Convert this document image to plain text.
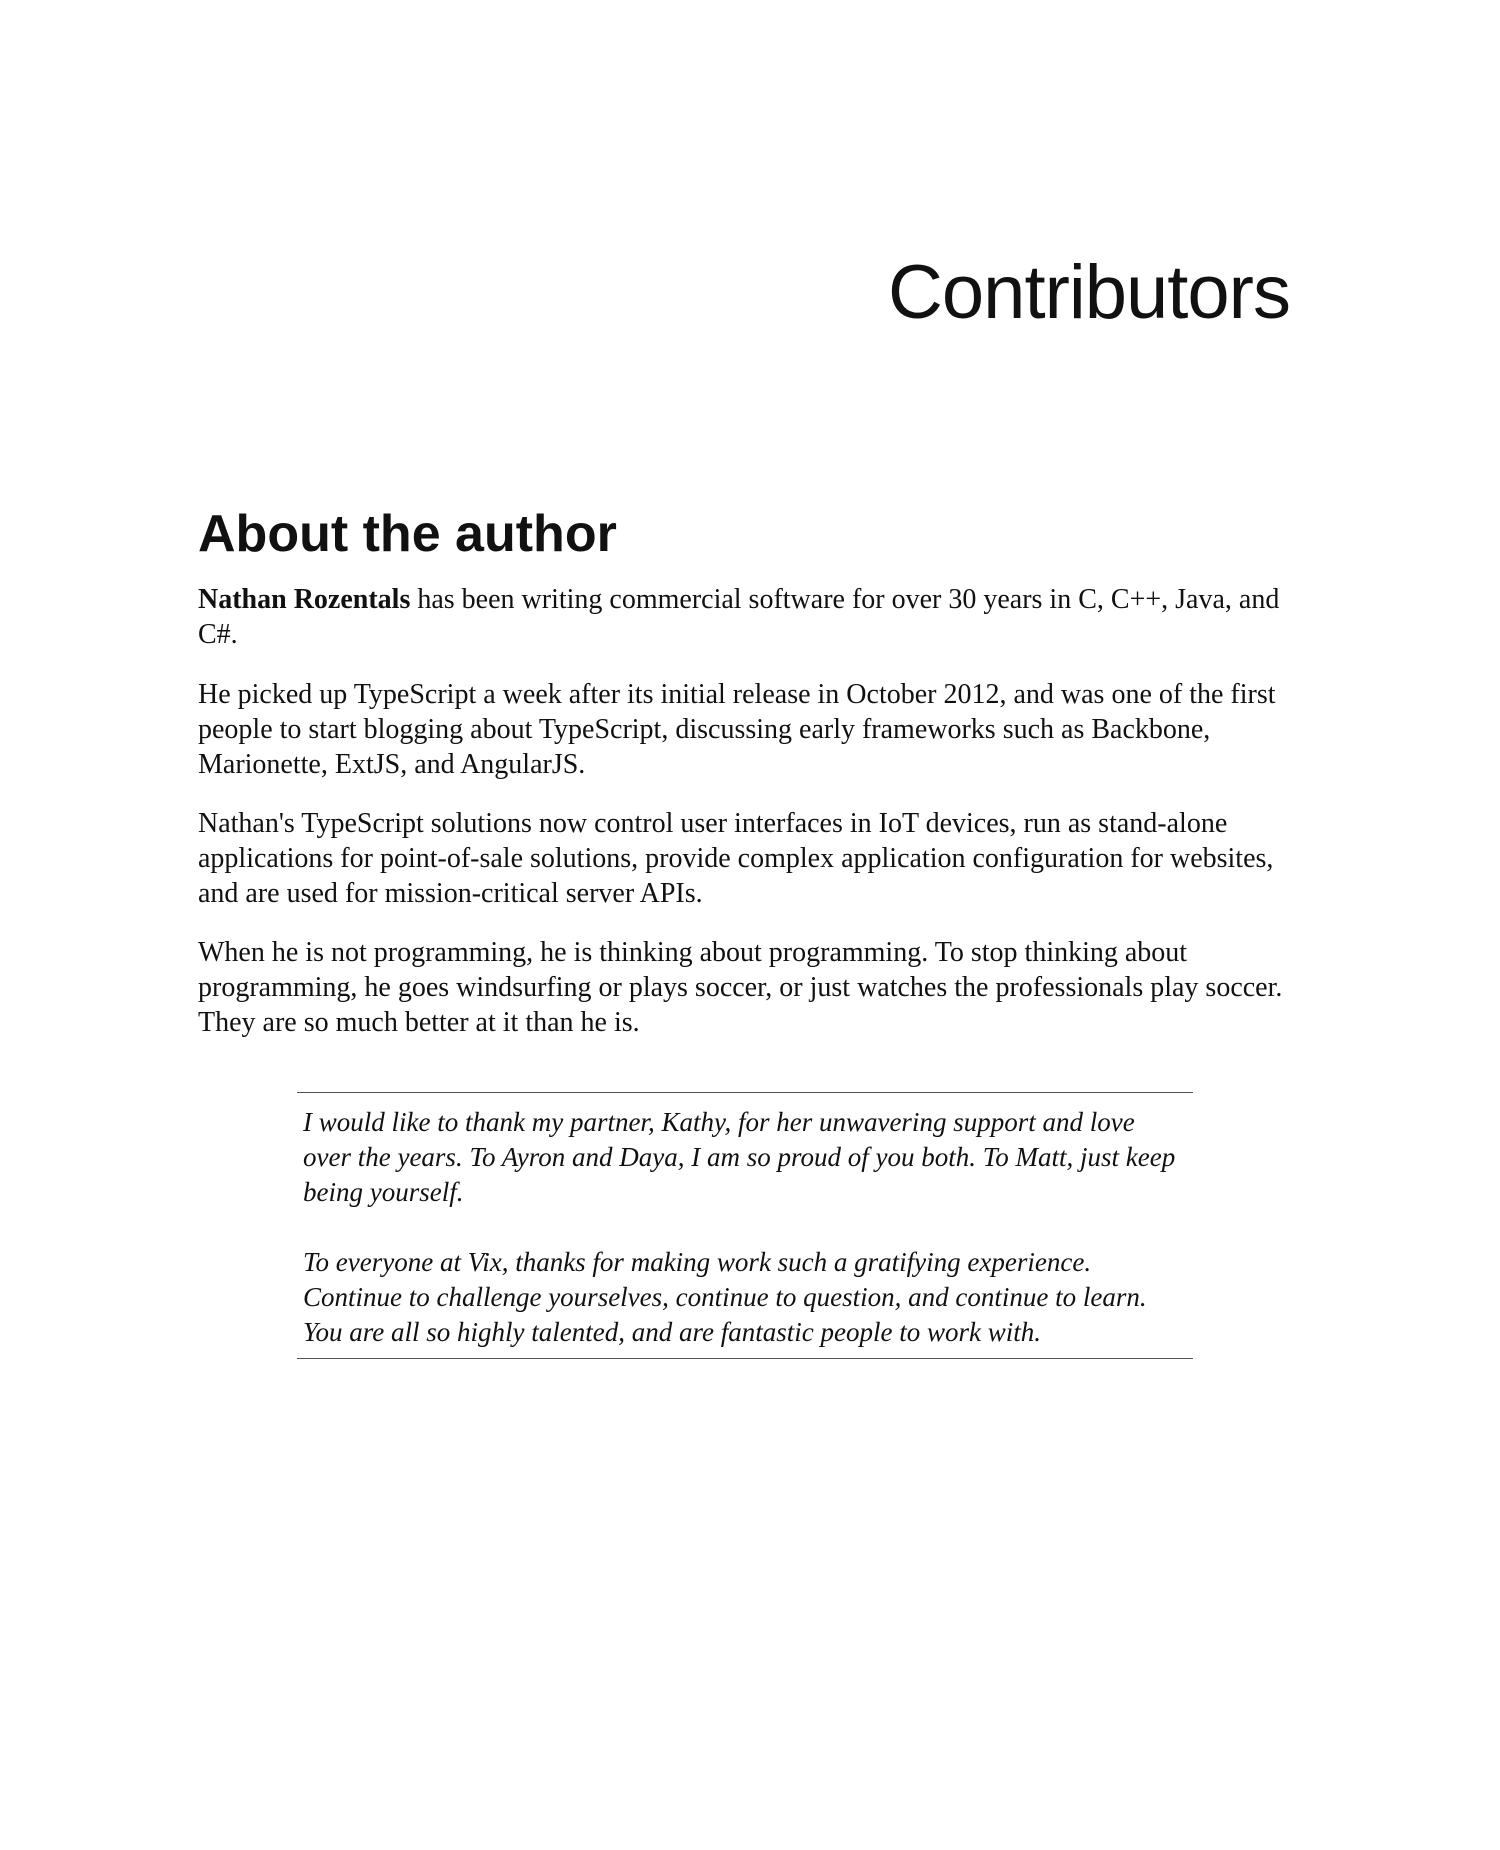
Contributors
About the author

Nathan Rozentals has been writing commercial software for over 30 years in C, C++, Java, and C#.

He picked up TypeScript a week after its initial release in October 2012, and was one of the first people to start blogging about TypeScript, discussing early frameworks such as Backbone, Marionette, ExtJS, and AngularJS.

Nathan's TypeScript solutions now control user interfaces in IoT devices, run as stand-alone applications for point-of-sale solutions, provide complex application configuration for websites, and are used for mission-critical server APIs.

When he is not programming, he is thinking about programming. To stop thinking about programming, he goes windsurfing or plays soccer, or just watches the professionals play soccer. They are so much better at it than he is.

I would like to thank my partner, Kathy, for her unwavering support and love over the years. To Ayron and Daya, I am so proud of you both. To Matt, just keep being yourself.

To everyone at Vix, thanks for making work such a gratifying experience. Continue to challenge yourselves, continue to question, and continue to learn. You are all so highly talented, and are fantastic people to work with.
